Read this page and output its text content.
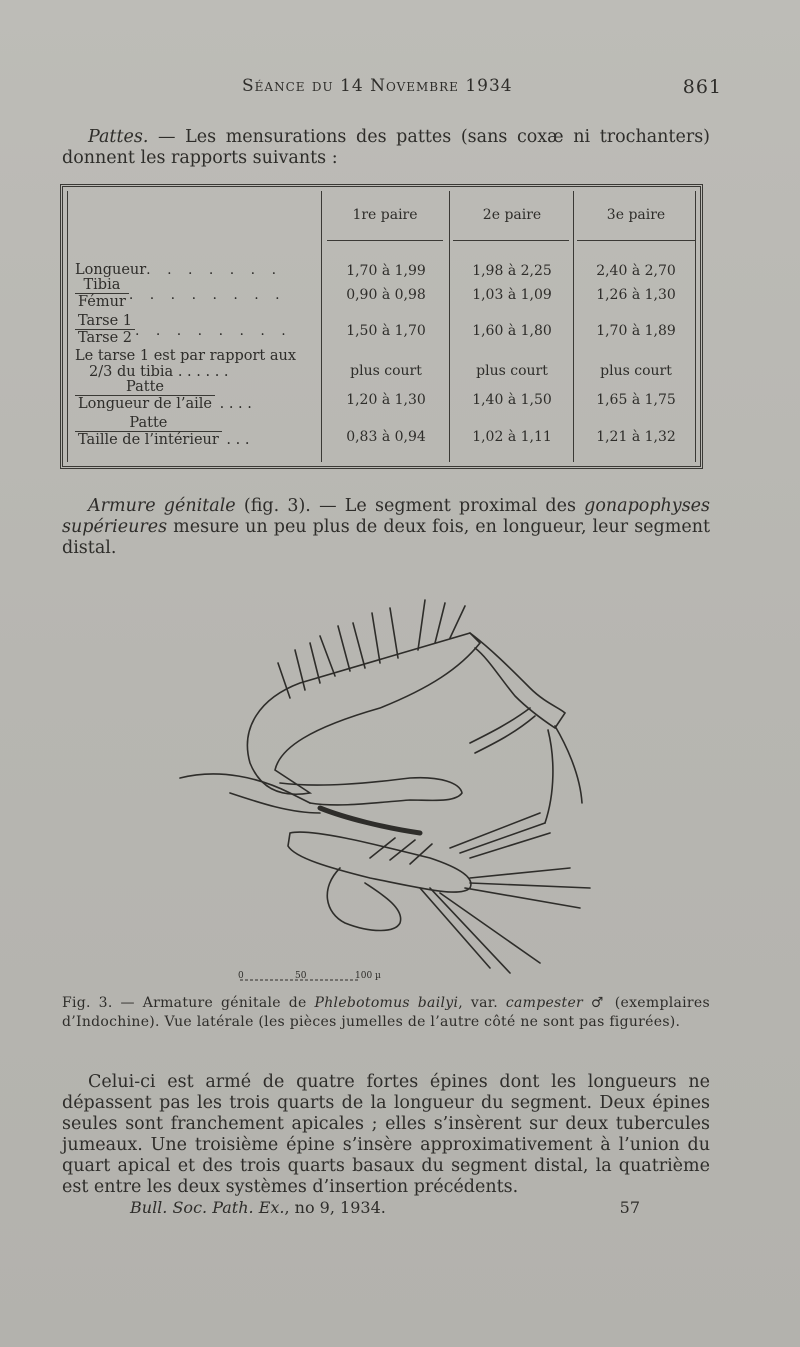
Séance du 14 Novembre 1934	861
Pattes. — Les mensurations des pattes (sans coxæ ni trochanters) donnent les rapports suivants :
1re paire	2e paire	3e paire
Longueur . . . . . . .	1,70 à 1,99	1,98 à 2,25	2,40 à 2,70
$\frac{\text{Tibia}}{\text{Fémur}}$ . . . . . . . .	0,90 à 0,98	1,03 à 1,09	1,26 à 1,30
$\frac{\text{Tarse 1}}{\text{Tarse 2}}$ . . . . . . . .	1,50 à 1,70	1,60 à 1,80	1,70 à 1,89
Le tarse 1 est par rapport aux
2/3 du tibia . . . . . .	plus court	plus court	plus court
$\frac{\text{Patte}}{\text{Longueur de l’aile}}$ . . . .	1,20 à 1,30	1,40 à 1,50	1,65 à 1,75
$\frac{\text{Patte}}{\text{Taille de l’intérieur}}$ . . .	0,83 à 0,94	1,02 à 1,11	1,21 à 1,32
Armure génitale (fig. 3). — Le segment proximal des gonapophyses supérieures mesure un peu plus de deux fois, en longueur, leur segment distal.
0	50	100 µ
Fig. 3. — Armature génitale de Phlebotomus bailyi, var. campester ♂ (exemplaires d’Indochine). Vue latérale (les pièces jumelles de l’autre côté ne sont pas figurées).
Celui-ci est armé de quatre fortes épines dont les longueurs ne dépassent pas les trois quarts de la longueur du segment. Deux épines seules sont franchement apicales ; elles s’insèrent sur deux tubercules jumeaux. Une troisième épine s’insère approximativement à l’union du quart apical et des trois quarts basaux du segment distal, la quatrième est entre les deux systèmes d’insertion précédents.
Bull. Soc. Path. Ex., no 9, 1934.	57
